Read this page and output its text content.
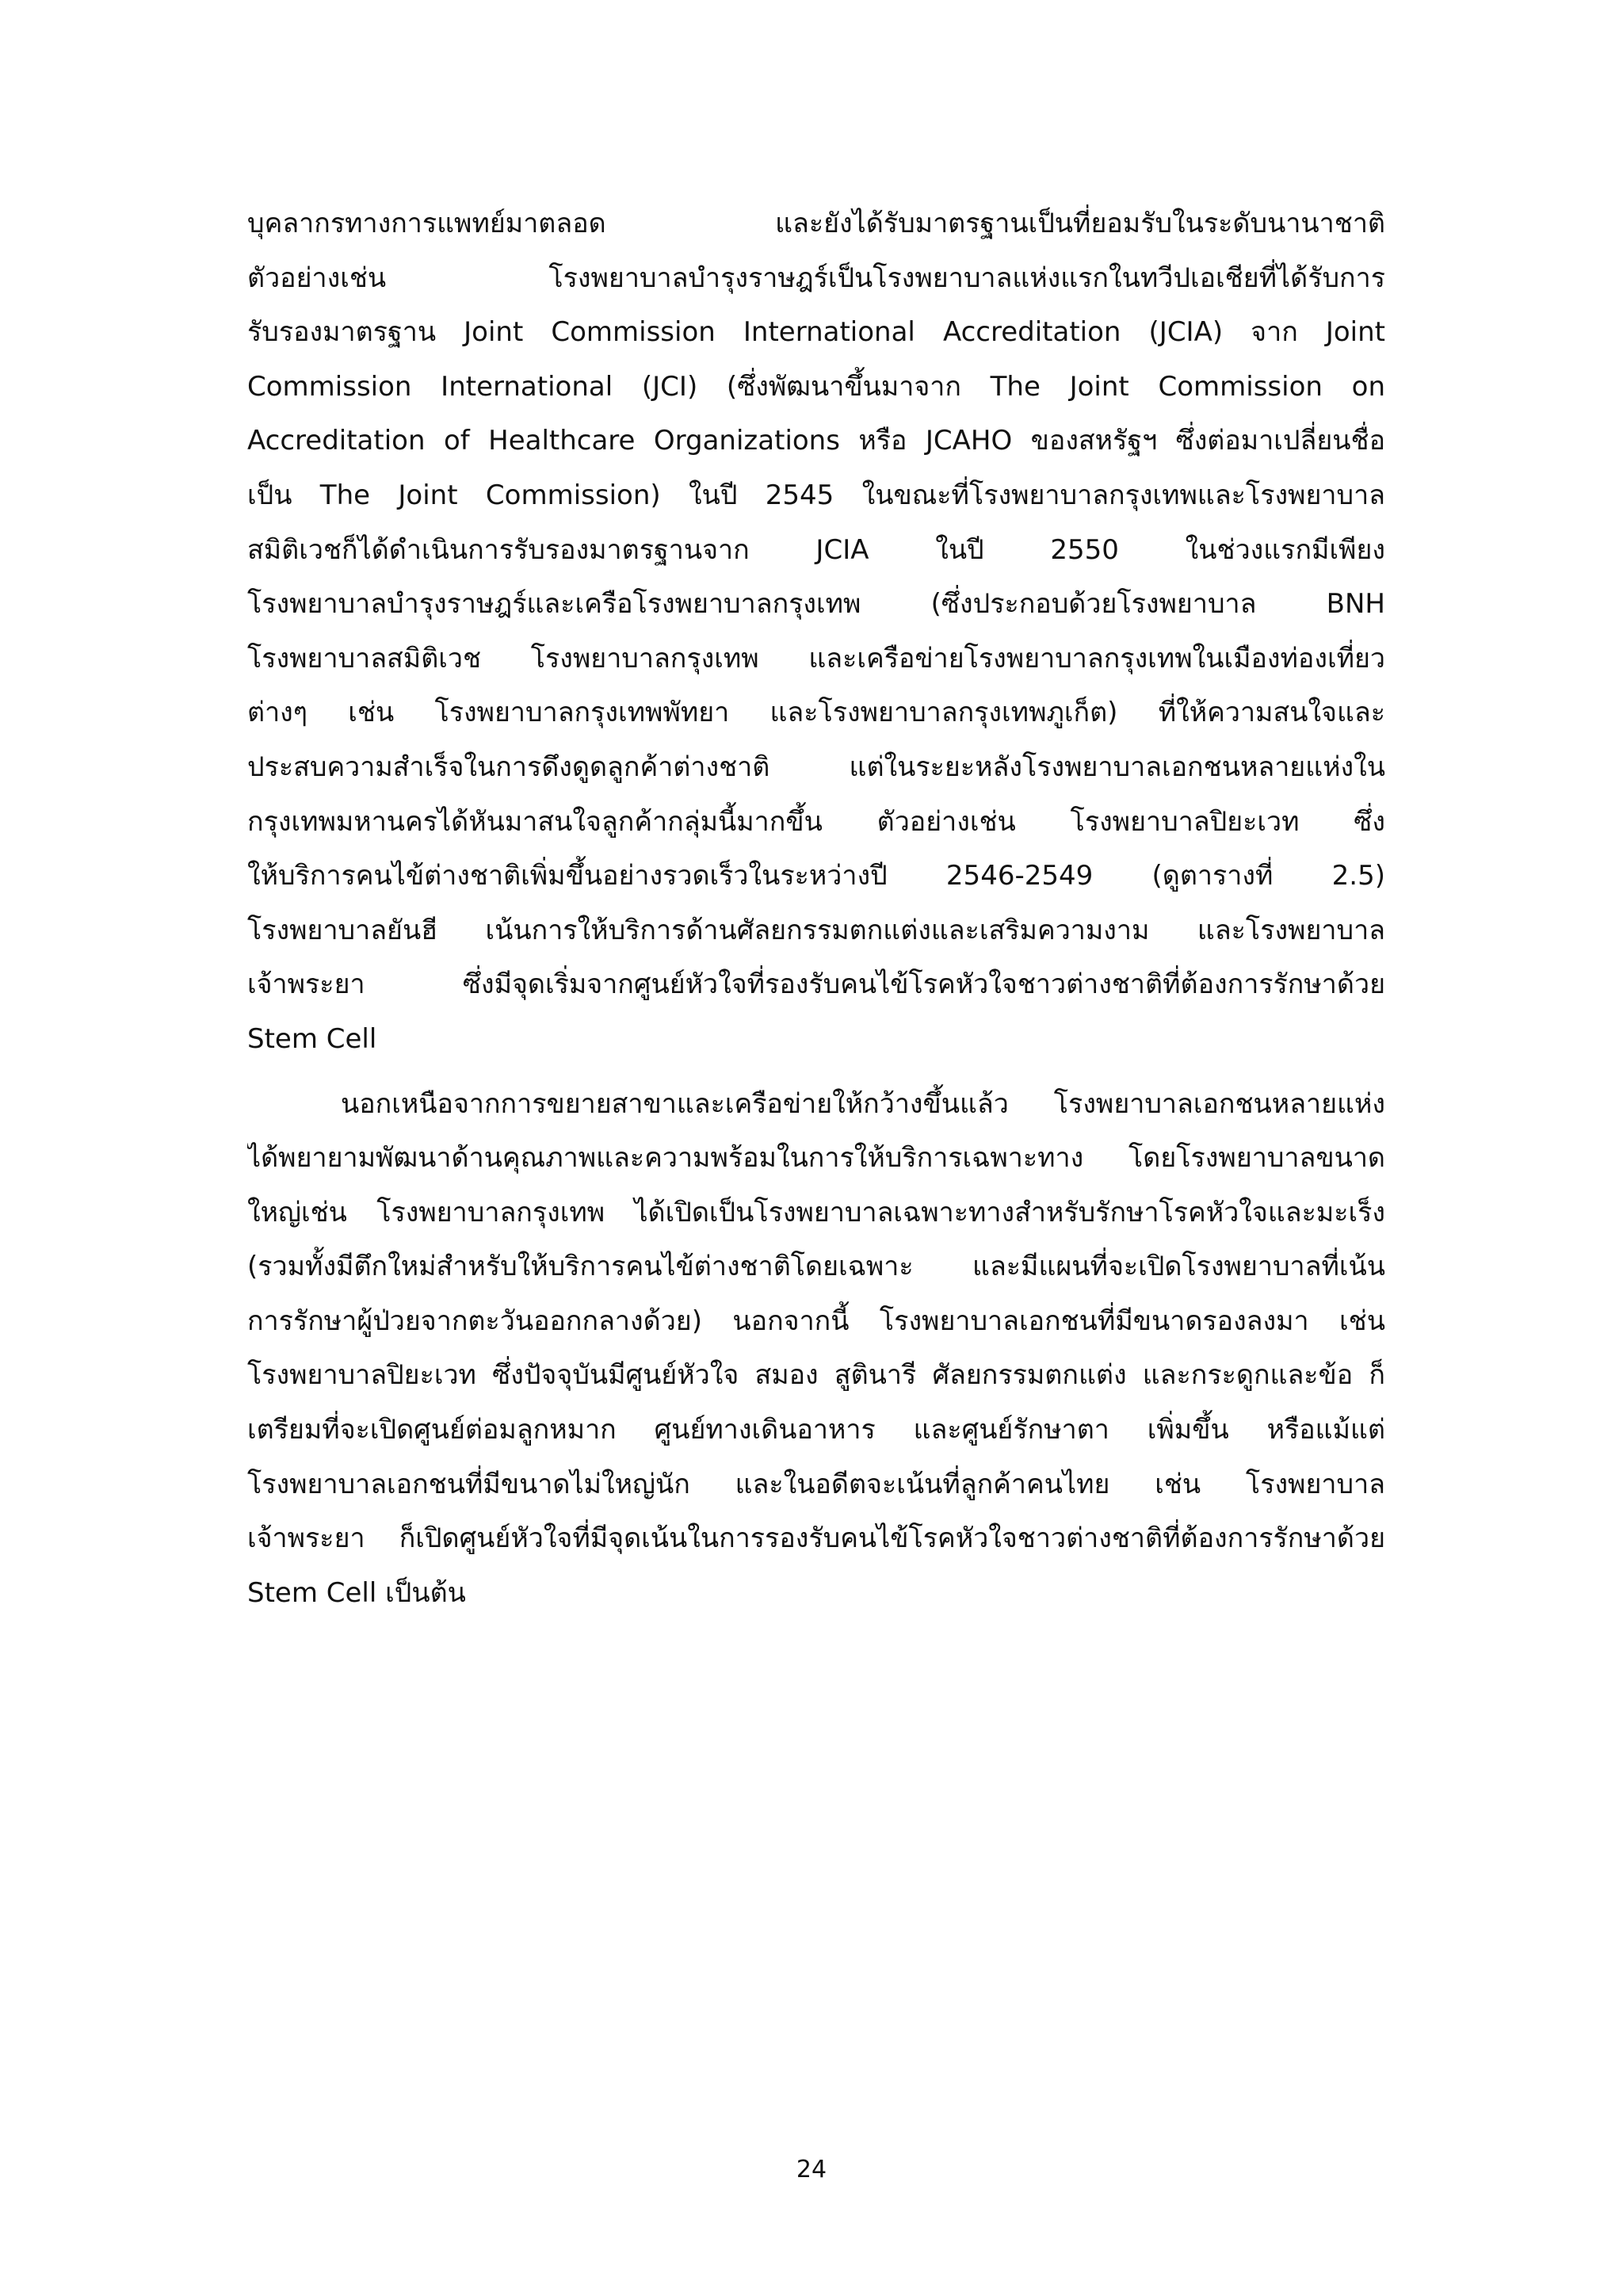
บุคลากรทางการแพทย์มาตลอด และยังได้รับมาตรฐานเป็นที่ยอมรับในระดับนานาชาติ
ตัวอย่างเช่น โรงพยาบาลบำรุงราษฎร์เป็นโรงพยาบาลแห่งแรกในทวีปเอเชียที่ได้รับการ
รับรองมาตรฐาน Joint Commission International Accreditation (JCIA) จาก Joint
Commission International (JCI) (ซึ่งพัฒนาขึ้นมาจาก The Joint Commission on
Accreditation of Healthcare Organizations หรือ JCAHO ของสหรัฐฯ ซึ่งต่อมาเปลี่ยนชื่อ
เป็น The Joint Commission) ในปี 2545 ในขณะที่โรงพยาบาลกรุงเทพและโรงพยาบาล
สมิติเวชก็ได้ดำเนินการรับรองมาตรฐานจาก JCIA ในปี 2550 ในช่วงแรกมีเพียง
โรงพยาบาลบำรุงราษฎร์และเครือโรงพยาบาลกรุงเทพ (ซึ่งประกอบด้วยโรงพยาบาล BNH
โรงพยาบาลสมิติเวช โรงพยาบาลกรุงเทพ และเครือข่ายโรงพยาบาลกรุงเทพในเมืองท่องเที่ยว
ต่างๆ เช่น โรงพยาบาลกรุงเทพพัทยา และโรงพยาบาลกรุงเทพภูเก็ต) ที่ให้ความสนใจและ
ประสบความสำเร็จในการดึงดูดลูกค้าต่างชาติ แต่ในระยะหลังโรงพยาบาลเอกชนหลายแห่งใน
กรุงเทพมหานครได้หันมาสนใจลูกค้ากลุ่มนี้มากขึ้น ตัวอย่างเช่น โรงพยาบาลปิยะเวท ซึ่ง
ให้บริการคนไข้ต่างชาติเพิ่มขึ้นอย่างรวดเร็วในระหว่างปี 2546-2549 (ดูตารางที่ 2.5)
โรงพยาบาลยันฮี เน้นการให้บริการด้านศัลยกรรมตกแต่งและเสริมความงาม และโรงพยาบาล
เจ้าพระยา ซึ่งมีจุดเริ่มจากศูนย์หัวใจที่รองรับคนไข้โรคหัวใจชาวต่างชาติที่ต้องการรักษาด้วย
Stem Cell
นอกเหนือจากการขยายสาขาและเครือข่ายให้กว้างขึ้นแล้ว โรงพยาบาลเอกชนหลายแห่ง
ได้พยายามพัฒนาด้านคุณภาพและความพร้อมในการให้บริการเฉพาะทาง โดยโรงพยาบาลขนาด
ใหญ่เช่น โรงพยาบาลกรุงเทพ ได้เปิดเป็นโรงพยาบาลเฉพาะทางสำหรับรักษาโรคหัวใจและมะเร็ง
(รวมทั้งมีตึกใหม่สำหรับให้บริการคนไข้ต่างชาติโดยเฉพาะ และมีแผนที่จะเปิดโรงพยาบาลที่เน้น
การรักษาผู้ป่วยจากตะวันออกกลางด้วย) นอกจากนี้ โรงพยาบาลเอกชนที่มีขนาดรองลงมา เช่น
โรงพยาบาลปิยะเวท ซึ่งปัจจุบันมีศูนย์หัวใจ สมอง สูตินารี ศัลยกรรมตกแต่ง และกระดูกและข้อ ก็
เตรียมที่จะเปิดศูนย์ต่อมลูกหมาก ศูนย์ทางเดินอาหาร และศูนย์รักษาตา เพิ่มขึ้น หรือแม้แต่
โรงพยาบาลเอกชนที่มีขนาดไม่ใหญ่นัก และในอดีตจะเน้นที่ลูกค้าคนไทย เช่น โรงพยาบาล
เจ้าพระยา ก็เปิดศูนย์หัวใจที่มีจุดเน้นในการรองรับคนไข้โรคหัวใจชาวต่างชาติที่ต้องการรักษาด้วย
Stem Cell เป็นต้น
24
